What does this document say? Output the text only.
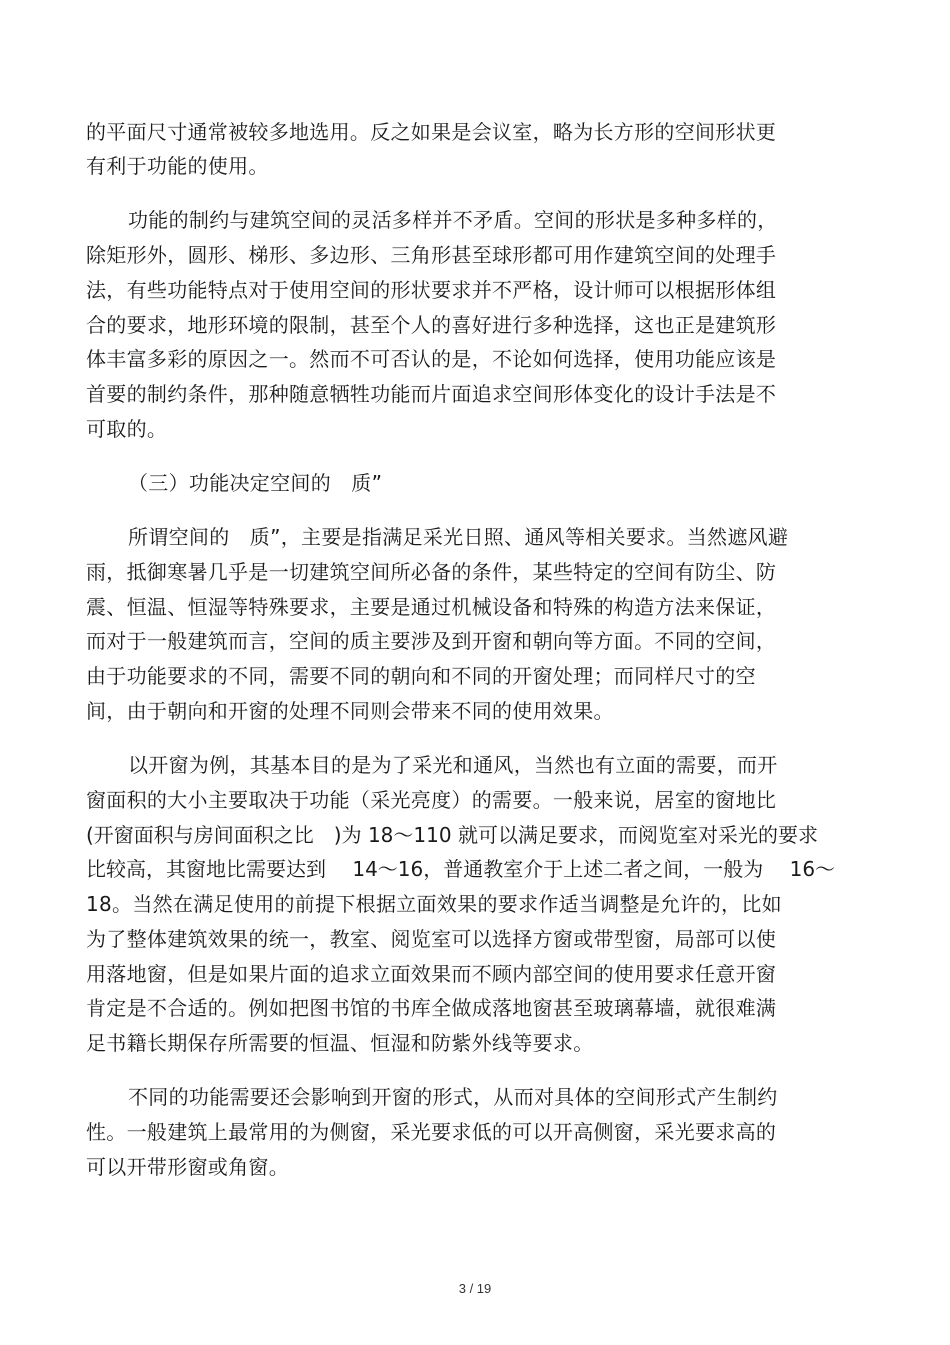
的平面尺寸通常被较多地选用。反之如果是会议室，略为长方形的空间形状更
有利于功能的使用。
功能的制约与建筑空间的灵活多样并不矛盾。空间的形状是多种多样的，
除矩形外，圆形、梯形、多边形、三角形甚至球形都可用作建筑空间的处理手
法，有些功能特点对于使用空间的形状要求并不严格，设计师可以根据形体组
合的要求，地形环境的限制，甚至个人的喜好进行多种选择，这也正是建筑形
体丰富多彩的原因之一。然而不可否认的是，不论如何选择，使用功能应该是
首要的制约条件，那种随意牺牲功能而片面追求空间形体变化的设计手法是不
可取的。
（三）功能决定空间的　质”
所谓空间的　质”，主要是指满足采光日照、通风等相关要求。当然遮风避
雨，抵御寒暑几乎是一切建筑空间所必备的条件，某些特定的空间有防尘、防
震、恒温、恒湿等特殊要求，主要是通过机械设备和特殊的构造方法来保证，
而对于一般建筑而言，空间的质主要涉及到开窗和朝向等方面。不同的空间，
由于功能要求的不同，需要不同的朝向和不同的开窗处理；而同样尺寸的空
间，由于朝向和开窗的处理不同则会带来不同的使用效果。
以开窗为例，其基本目的是为了采光和通风，当然也有立面的需要，而开
窗面积的大小主要取决于功能（采光亮度）的需要。一般来说，居室的窗地比
(开窗面积与房间面积之比　)为 18～110 就可以满足要求，而阅览室对采光的要求
比较高，其窗地比需要达到　 14～16，普通教室介于上述二者之间，一般为　 16～
18。当然在满足使用的前提下根据立面效果的要求作适当调整是允许的，比如
为了整体建筑效果的统一，教室、阅览室可以选择方窗或带型窗，局部可以使
用落地窗，但是如果片面的追求立面效果而不顾内部空间的使用要求任意开窗
肯定是不合适的。例如把图书馆的书库全做成落地窗甚至玻璃幕墙，就很难满
足书籍长期保存所需要的恒温、恒湿和防紫外线等要求。
不同的功能需要还会影响到开窗的形式，从而对具体的空间形式产生制约
性。一般建筑上最常用的为侧窗，采光要求低的可以开高侧窗，采光要求高的
可以开带形窗或角窗。
3 / 19
